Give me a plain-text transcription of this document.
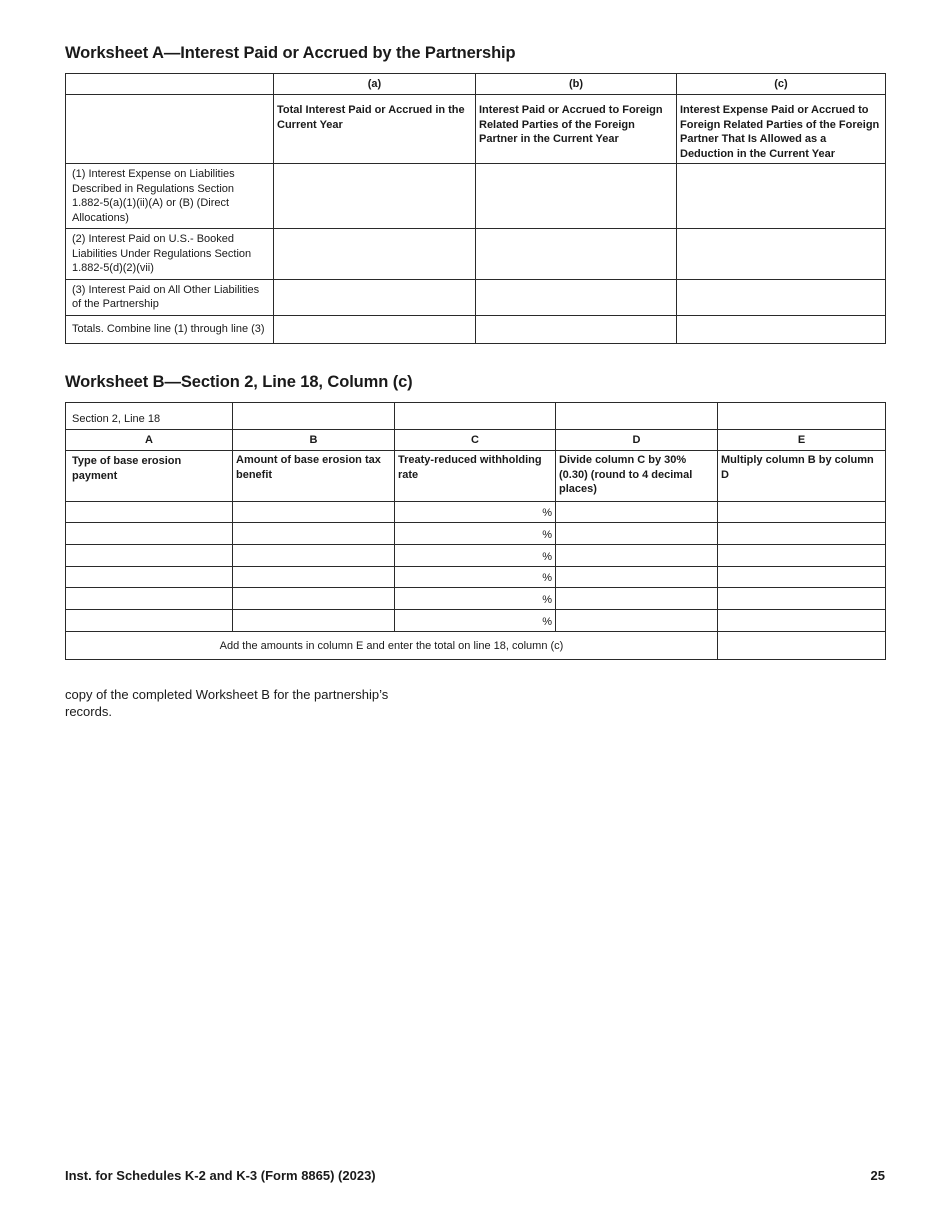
Worksheet A—Interest Paid or Accrued by the Partnership
	(a)	(b)	(c)
	Total Interest Paid or Accrued in the Current Year	Interest Paid or Accrued to Foreign Related Parties of the Foreign Partner in the Current Year	Interest Expense Paid or Accrued to Foreign Related Parties of the Foreign Partner That Is Allowed as a Deduction in the Current Year
(1) Interest Expense on Liabilities Described in Regulations Section 1.882-5(a)(1)(ii)(A) or (B) (Direct Allocations)			
(2) Interest Paid on U.S.- Booked Liabilities Under Regulations Section 1.882-5(d)(2)(vii)			
(3) Interest Paid on All Other Liabilities of the Partnership			
Totals. Combine line (1) through line (3)			
Worksheet B—Section 2, Line 18, Column (c)
Section 2, Line 18				
A	B	C	D	E
Type of base erosion payment	Amount of base erosion tax benefit	Treaty-reduced withholding rate	Divide column C by 30% (0.30) (round to 4 decimal places)	Multiply column B by column D
		%		
		%		
		%		
		%		
		%		
		%		
Add the amounts in column E and enter the total on line 18, column (c)				

copy of the completed Worksheet B for the partnership’s records.

Inst. for Schedules K-2 and K-3 (Form 8865) (2023)	25
